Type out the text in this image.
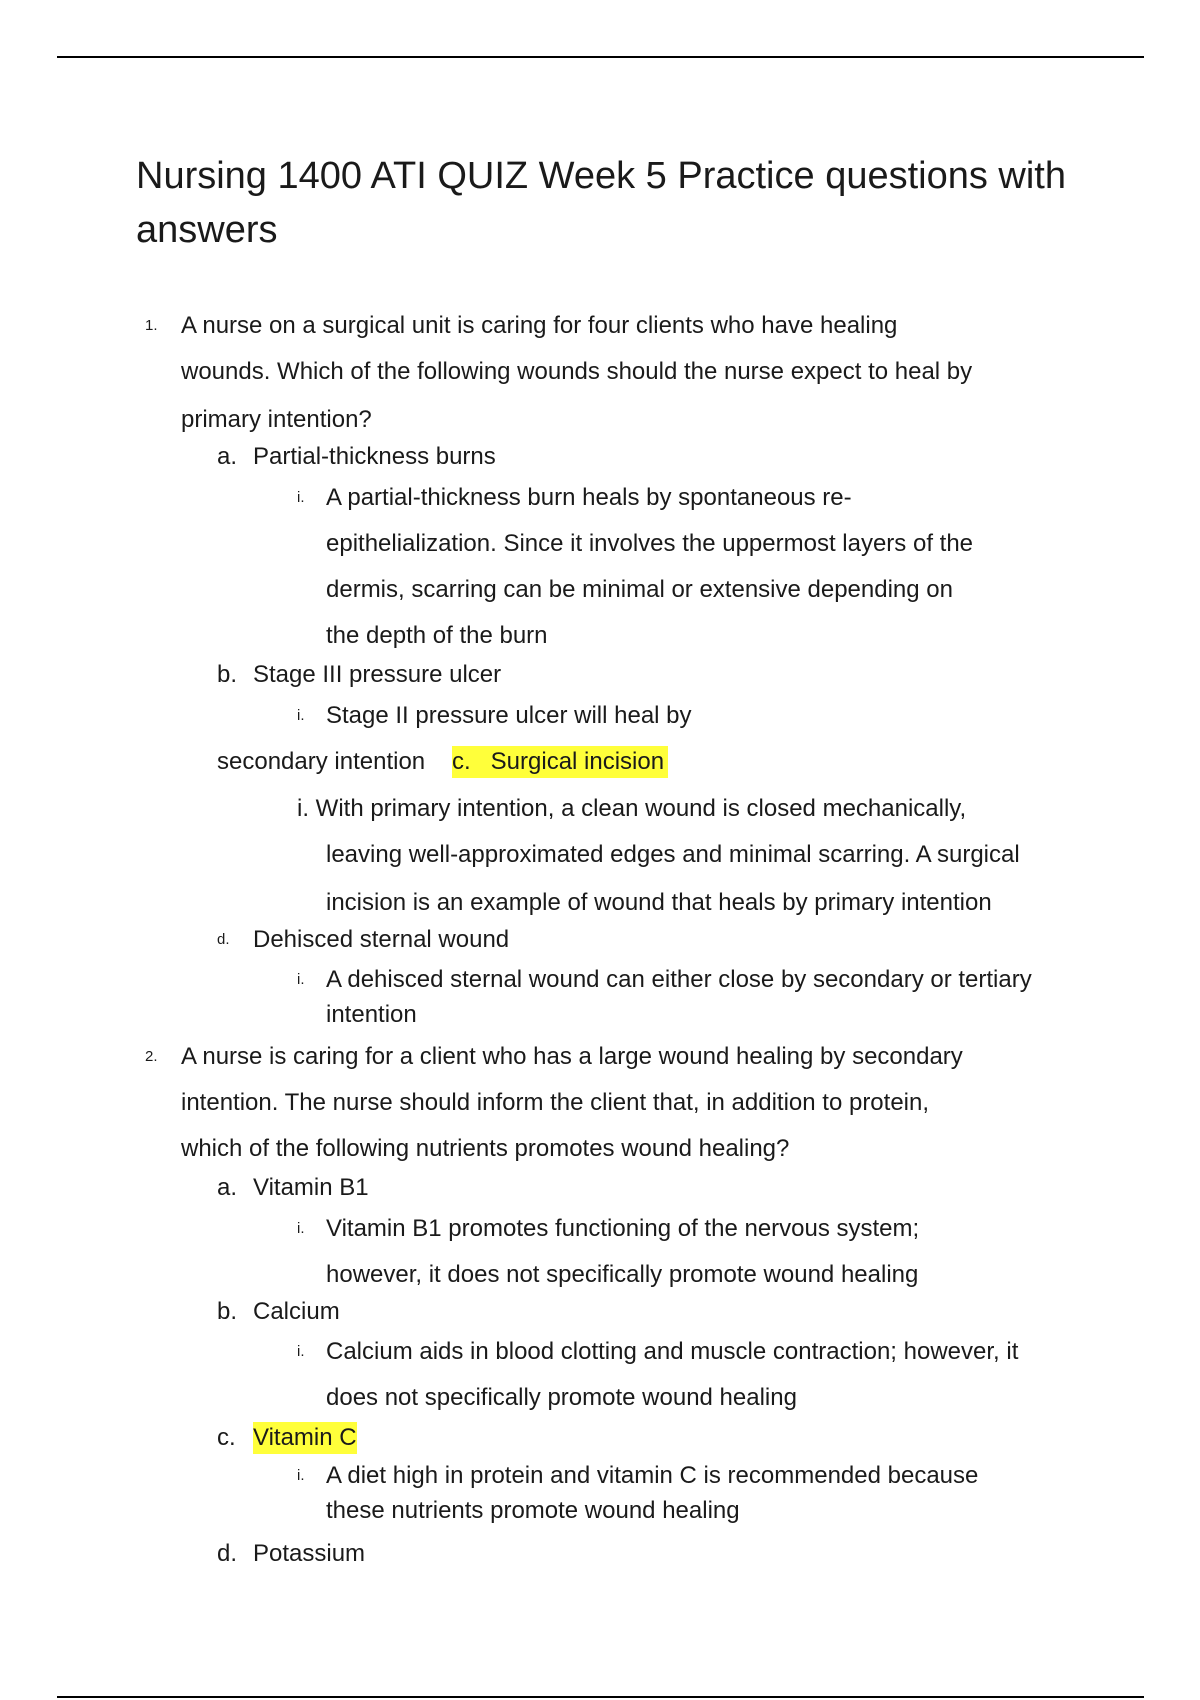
Nursing 1400 ATI QUIZ Week 5 Practice questions with answers
1. A nurse on a surgical unit is caring for four clients who have healing

wounds. Which of the following wounds should the nurse expect to heal by

primary intention?

a. Partial-thickness burns

i. A partial-thickness burn heals by spontaneous re-

epithelialization. Since it involves the uppermost layers of the

dermis, scarring can be minimal or extensive depending on

the depth of the burn

b. Stage III pressure ulcer

i. Stage II pressure ulcer will heal by

secondary intention c. Surgical incision

i. With primary intention, a clean wound is closed mechanically,

leaving well-approximated edges and minimal scarring. A surgical

incision is an example of wound that heals by primary intention

d. Dehisced sternal wound

i. A dehisced sternal wound can either close by secondary or tertiary

intention

2. A nurse is caring for a client who has a large wound healing by secondary

intention. The nurse should inform the client that, in addition to protein,

which of the following nutrients promotes wound healing?

a. Vitamin B1

i. Vitamin B1 promotes functioning of the nervous system;

however, it does not specifically promote wound healing

b. Calcium

i. Calcium aids in blood clotting and muscle contraction; however, it

does not specifically promote wound healing

c. Vitamin C
i. A diet high in protein and vitamin C is recommended because

these nutrients promote wound healing

d. Potassium
